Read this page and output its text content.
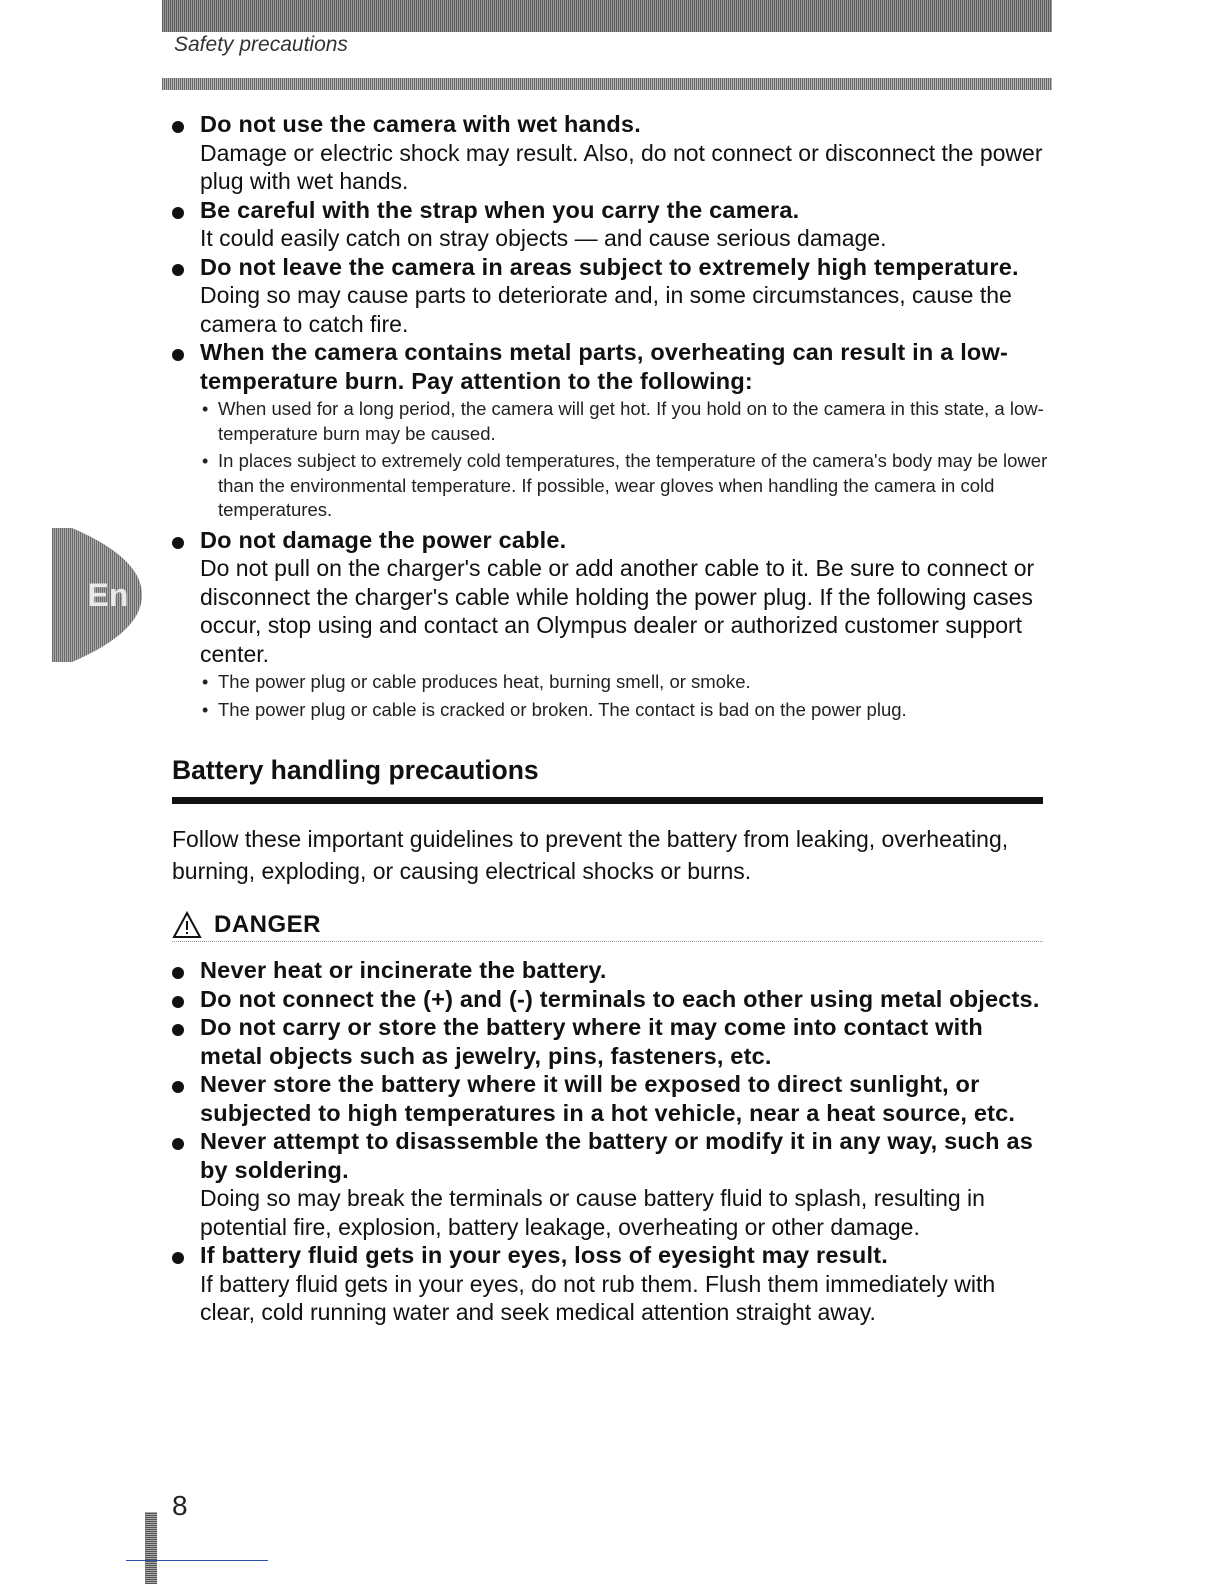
Safety precautions
En
Do not use the camera with wet hands.
Damage or electric shock may result. Also, do not connect or disconnect the power plug with wet hands.
Be careful with the strap when you carry the camera.
It could easily catch on stray objects — and cause serious damage.
Do not leave the camera in areas subject to extremely high temperature.
Doing so may cause parts to deteriorate and, in some circumstances, cause the camera to catch fire.
When the camera contains metal parts, overheating can result in a low-temperature burn. Pay attention to the following:
• When used for a long period, the camera will get hot. If you hold on to the camera in this state, a low-temperature burn may be caused.
• In places subject to extremely cold temperatures, the temperature of the camera's body may be lower than the environmental temperature. If possible, wear gloves when handling the camera in cold temperatures.
Do not damage the power cable.
Do not pull on the charger's cable or add another cable to it. Be sure to connect or disconnect the charger's cable while holding the power plug. If the following cases occur, stop using and contact an Olympus dealer or authorized customer support center.
• The power plug or cable produces heat, burning smell, or smoke.
• The power plug or cable is cracked or broken. The contact is bad on the power plug.
Battery handling precautions
Follow these important guidelines to prevent the battery from leaking, overheating, burning, exploding, or causing electrical shocks or burns.
DANGER
Never heat or incinerate the battery.
Do not connect the (+) and (-) terminals to each other using metal objects.
Do not carry or store the battery where it may come into contact with metal objects such as jewelry, pins, fasteners, etc.
Never store the battery where it will be exposed to direct sunlight, or subjected to high temperatures in a hot vehicle, near a heat source, etc.
Never attempt to disassemble the battery or modify it in any way, such as by soldering.
Doing so may break the terminals or cause battery fluid to splash, resulting in potential fire, explosion, battery leakage, overheating or other damage.
If battery fluid gets in your eyes, loss of eyesight may result.
If battery fluid gets in your eyes, do not rub them. Flush them immediately with clear, cold running water and seek medical attention straight away.
8
